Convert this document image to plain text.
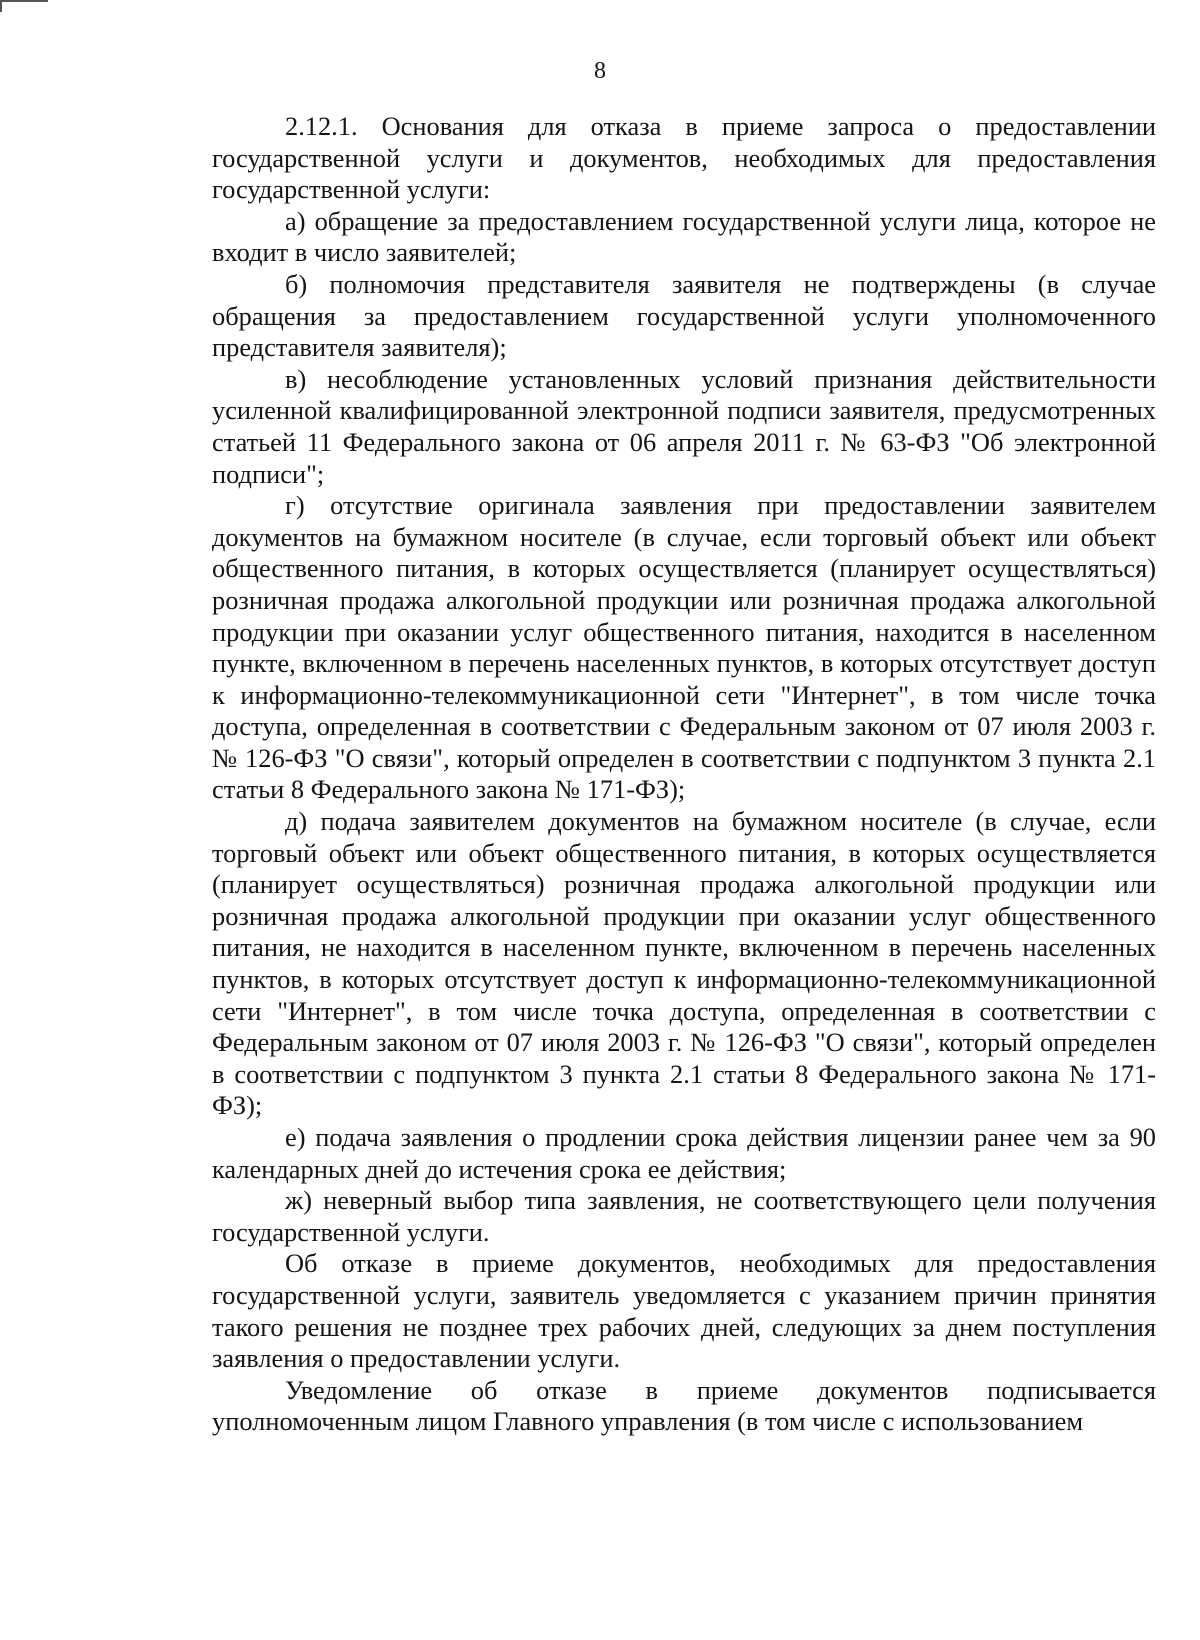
8

2.12.1. Основания для отказа в приеме запроса о предоставлении государственной услуги и документов, необходимых для предоставления государственной услуги:

а) обращение за предоставлением государственной услуги лица, которое не входит в число заявителей;

б) полномочия представителя заявителя не подтверждены (в случае обращения за предоставлением государственной услуги уполномоченного представителя заявителя);

в) несоблюдение установленных условий признания действительности усиленной квалифицированной электронной подписи заявителя, предусмотренных статьей 11 Федерального закона от 06 апреля 2011 г. № 63-ФЗ "Об электронной подписи";

г) отсутствие оригинала заявления при предоставлении заявителем документов на бумажном носителе (в случае, если торговый объект или объект общественного питания, в которых осуществляется (планирует осуществляться) розничная продажа алкогольной продукции или розничная продажа алкогольной продукции при оказании услуг общественного питания, находится в населенном пункте, включенном в перечень населенных пунктов, в которых отсутствует доступ к информационно-телекоммуникационной сети "Интернет", в том числе точка доступа, определенная в соответствии с Федеральным законом от 07 июля 2003 г. № 126-ФЗ "О связи", который определен в соответствии с подпунктом 3 пункта 2.1 статьи 8 Федерального закона № 171-ФЗ);

д) подача заявителем документов на бумажном носителе (в случае, если торговый объект или объект общественного питания, в которых осуществляется (планирует осуществляться) розничная продажа алкогольной продукции или розничная продажа алкогольной продукции при оказании услуг общественного питания, не находится в населенном пункте, включенном в перечень населенных пунктов, в которых отсутствует доступ к информационно-телекоммуникационной сети "Интернет", в том числе точка доступа, определенная в соответствии с Федеральным законом от 07 июля 2003 г. № 126-ФЗ "О связи", который определен в соответствии с подпунктом 3 пункта 2.1 статьи 8 Федерального закона № 171-ФЗ);

е) подача заявления о продлении срока действия лицензии ранее чем за 90 календарных дней до истечения срока ее действия;

ж) неверный выбор типа заявления, не соответствующего цели получения государственной услуги.

Об отказе в приеме документов, необходимых для предоставления государственной услуги, заявитель уведомляется с указанием причин принятия такого решения не позднее трех рабочих дней, следующих за днем поступления заявления о предоставлении услуги.

Уведомление об отказе в приеме документов подписывается уполномоченным лицом Главного управления (в том числе с использованием
